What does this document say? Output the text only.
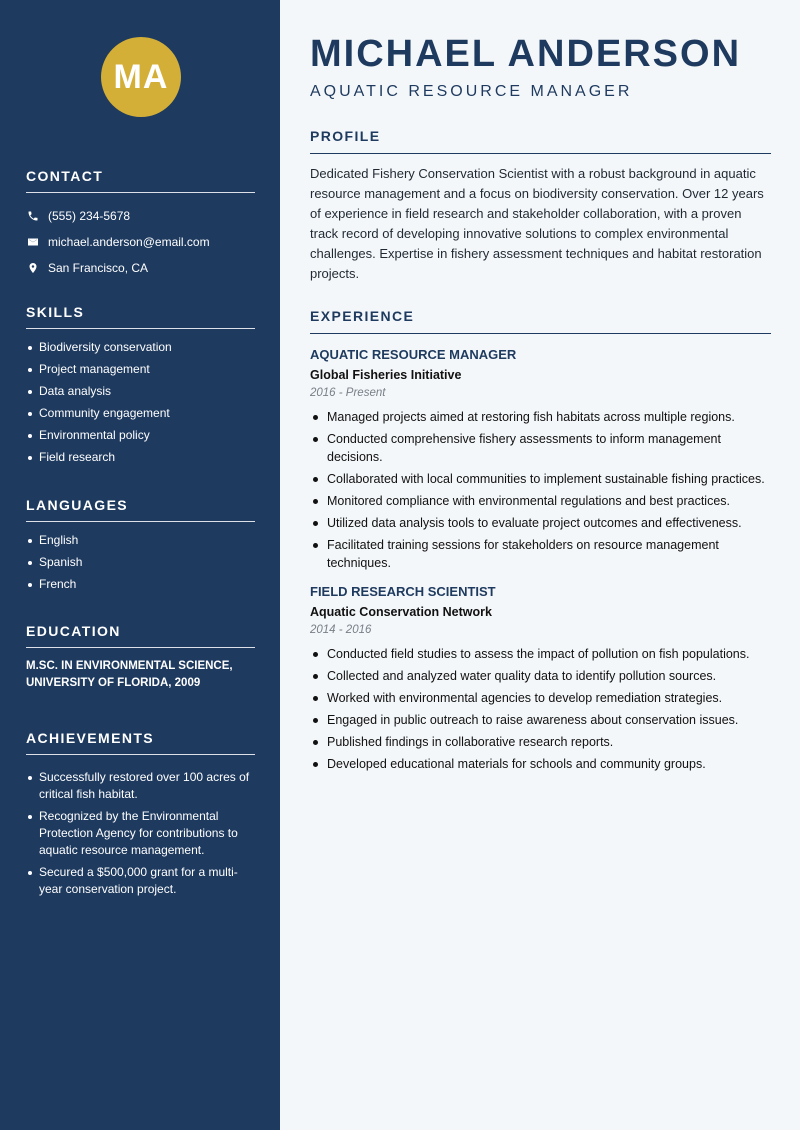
MA
CONTACT
(555) 234-5678
michael.anderson@email.com
San Francisco, CA
SKILLS
Biodiversity conservation
Project management
Data analysis
Community engagement
Environmental policy
Field research
LANGUAGES
English
Spanish
French
EDUCATION
M.SC. IN ENVIRONMENTAL SCIENCE, UNIVERSITY OF FLORIDA, 2009
ACHIEVEMENTS
Successfully restored over 100 acres of critical fish habitat.
Recognized by the Environmental Protection Agency for contributions to aquatic resource management.
Secured a $500,000 grant for a multi-year conservation project.
MICHAEL ANDERSON
AQUATIC RESOURCE MANAGER
PROFILE

Dedicated Fishery Conservation Scientist with a robust background in aquatic resource management and a focus on biodiversity conservation. Over 12 years of experience in field research and stakeholder collaboration, with a proven track record of developing innovative solutions to complex environmental challenges. Expertise in fishery assessment techniques and habitat restoration projects.

EXPERIENCE
AQUATIC RESOURCE MANAGER
Global Fisheries Initiative
2016 - Present
Managed projects aimed at restoring fish habitats across multiple regions.
Conducted comprehensive fishery assessments to inform management decisions.
Collaborated with local communities to implement sustainable fishing practices.
Monitored compliance with environmental regulations and best practices.
Utilized data analysis tools to evaluate project outcomes and effectiveness.
Facilitated training sessions for stakeholders on resource management techniques.
FIELD RESEARCH SCIENTIST
Aquatic Conservation Network
2014 - 2016
Conducted field studies to assess the impact of pollution on fish populations.
Collected and analyzed water quality data to identify pollution sources.
Worked with environmental agencies to develop remediation strategies.
Engaged in public outreach to raise awareness about conservation issues.
Published findings in collaborative research reports.
Developed educational materials for schools and community groups.
